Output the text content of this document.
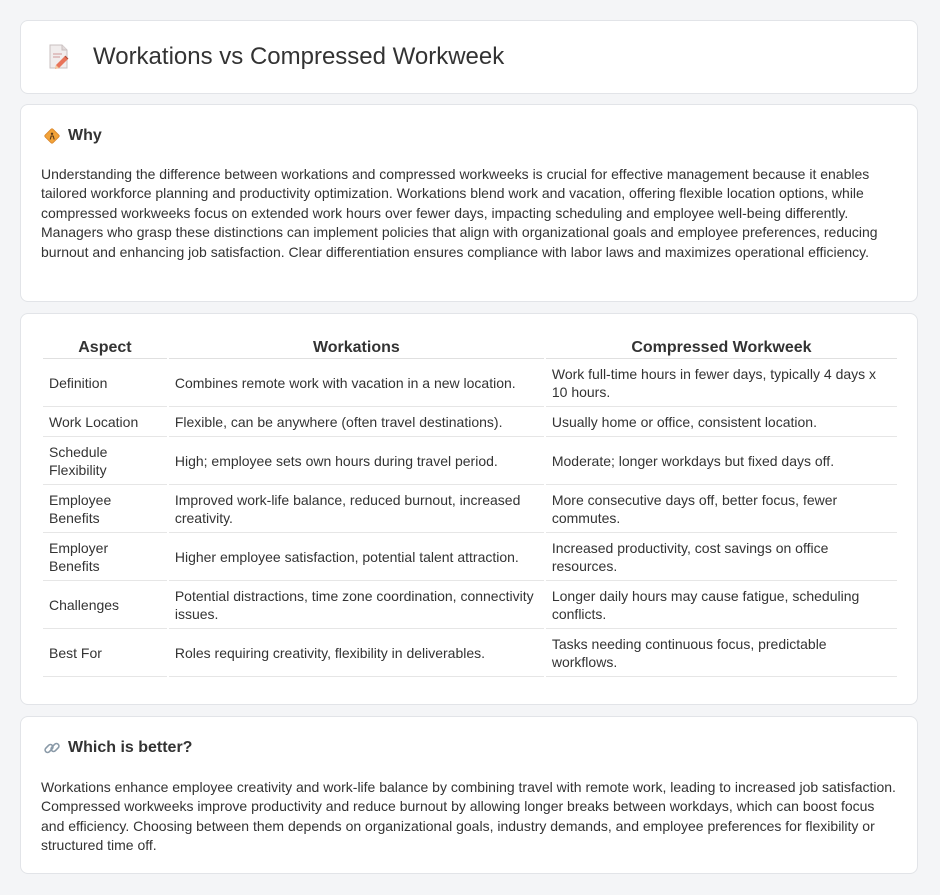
Workations vs Compressed Workweek
Why

Understanding the difference between workations and compressed workweeks is crucial for effective management because it enables tailored workforce planning and productivity optimization. Workations blend work and vacation, offering flexible location options, while compressed workweeks focus on extended work hours over fewer days, impacting scheduling and employee well-being differently. Managers who grasp these distinctions can implement policies that align with organizational goals and employee preferences, reducing burnout and enhancing job satisfaction. Clear differentiation ensures compliance with labor laws and maximizes operational efficiency.

Aspect	Workations	Compressed Workweek
Definition	Combines remote work with vacation in a new location.	Work full-time hours in fewer days, typically 4 days x 10 hours.
Work Location	Flexible, can be anywhere (often travel destinations).	Usually home or office, consistent location.
Schedule Flexibility	High; employee sets own hours during travel period.	Moderate; longer workdays but fixed days off.
Employee Benefits	Improved work-life balance, reduced burnout, increased creativity.	More consecutive days off, better focus, fewer commutes.
Employer Benefits	Higher employee satisfaction, potential talent attraction.	Increased productivity, cost savings on office resources.
Challenges	Potential distractions, time zone coordination, connectivity issues.	Longer daily hours may cause fatigue, scheduling conflicts.
Best For	Roles requiring creativity, flexibility in deliverables.	Tasks needing continuous focus, predictable workflows.
Which is better?

Workations enhance employee creativity and work-life balance by combining travel with remote work, leading to increased job satisfaction. Compressed workweeks improve productivity and reduce burnout by allowing longer breaks between workdays, which can boost focus and efficiency. Choosing between them depends on organizational goals, industry demands, and employee preferences for flexibility or structured time off.
